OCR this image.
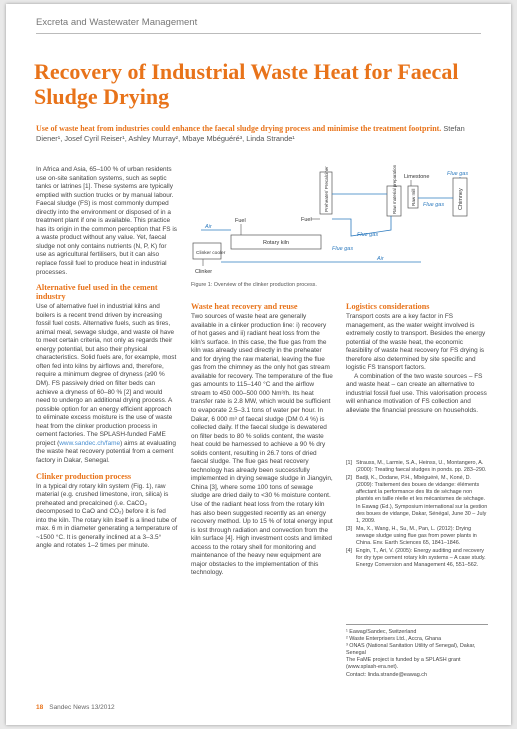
Excreta and Wastewater Management
Recovery of Industrial Waste Heat for Faecal Sludge Drying
Use of waste heat from industries could enhance the faecal sludge drying process and minimise the treatment footprint. Stefan Diener¹, Josef Cyril Reiser¹, Ashley Murray², Mbaye Mbéguéré³, Linda Strande¹

In Africa and Asia, 65–100 % of urban residents use on-site sanitation systems, such as septic tanks or latrines [1]. These systems are typically emptied with suction trucks or by manual labour. Faecal sludge (FS) is most commonly dumped directly into the environment or disposed of in a treatment plant if one is available. This practice has its origin in the common perception that FS is a waste product without any value. Yet, faecal sludge not only contains nutrients (N, P, K) for use as agricultural fertilisers, but it can also replace fossil fuel to produce heat in industrial processes.

Alternative fuel used in the cement industry

Use of alternative fuel in industrial kilns and boilers is a recent trend driven by increasing fossil fuel costs. Alternative fuels, such as tires, animal meal, sewage sludge, and waste oil have to meet certain criteria, not only as regards their energy potential, but also their physical characteristics. Solid fuels are, for example, most often fed into kilns by airflows and, therefore, require a minimum degree of dryness (≥90 % DM). FS passively dried on filter beds can achieve a dryness of 60–80 % [2] and would need to undergo an additional drying process. A possible option for an energy efficient approach to eliminate excess moisture is the use of waste heat from the clinker production process in cement factories. The SPLASH-funded FaME project (www.sandec.ch/fame) aims at evaluating the waste heat recovery potential from a cement factory in Dakar, Senegal.

Clinker production process

In a typical dry rotary kiln system (Fig. 1), raw material (e.g. crushed limestone, iron, silica) is preheated and precalcined (i.e. CaCO₃ decomposed to CaO and CO₂) before it is fed into the kiln. The rotary kiln itself is a lined tube of max. 6 m in diameter generating a temperature of ~1500 °C. It is generally inclined at a 3–3.5° angle and rotates 1–2 times per minute.

Preheater/ Precalciner	Raw material preparation	Raw mill	Chimney
Limestone	Flue gas
Flue gas
Flue gas
Flue gas
Fuel	Fuel
Air
Air
Rotary kiln
Clinker cooler
Clinker
Figure 1: Overview of the clinker production process.
Waste heat recovery and reuse

Two sources of waste heat are generally available in a clinker production line: i) recovery of hot gases and ii) radiant heat loss from the kiln's surface. In this case, the flue gas from the kiln was already used directly in the preheater and for drying the raw material, leaving the flue gas from the chimney as the only hot gas stream available for recovery. The temperature of the flue gas amounts to 115–140 °C and the airflow stream to 450 000–500 000 Nm³/h. Its heat transfer rate is 2.8 MW, which would be sufficient to evaporate 2.5–3.1 tons of water per hour. In Dakar, 6 000 m³ of faecal sludge (DM 0.4 %) is collected daily. If the faecal sludge is dewatered on filter beds to 80 % solids content, the waste heat could be harnessed to achieve a 90 % dry solids content, resulting in 26.7 tons of dried faecal sludge. The flue gas heat recovery technology has already been successfully implemented in drying sewage sludge in Jiangyin, China [3], where some 100 tons of sewage sludge are dried daily to <30 % moisture content. Use of the radiant heat loss from the rotary kiln has also been suggested recently as an energy recovery method. Up to 15 % of total energy input is lost through radiation and convection from the kiln surface [4]. High investment costs and limited access to the rotary shell for monitoring and maintenance of the heavy new equipment are major obstacles to the implementation of this technology.

Logistics considerations

Transport costs are a key factor in FS management, as the water weight involved is extremely costly to transport. Besides the energy potential of the waste heat, the economic feasibility of waste heat recovery for FS drying is therefore also determined by site specific and logistic FS transport factors.

A combination of the two waste sources – FS and waste heat – can create an alternative to industrial fossil fuel use. This valorisation process will enhance motivation of FS collection and alleviate the financial pressure on households.

[1] Strauss, M., Larmie, S.A., Heinss, U., Montangero, A. (2000): Treating faecal sludges in ponds. pp. 283–290.
[2] Badji, K., Dodane, P.H., Mbéguéré, M., Koné, D. (2009): Traitement des boues de vidange: éléments affectant la performance des lits de séchage non plantés en taille réelle et les mécanismes de séchage. In Eawag (Ed.), Symposium international sur la gestion des boues de vidange, Dakar, Sénégal, June 30 – July 1, 2009.
[3] Ma, X., Wang, H., Su, M., Pan, L. (2012): Drying sewage sludge using flue gas from power plants in China. Env. Earth Sciences 65, 1841–1846.
[4] Engin, T., Ari, V. (2005): Energy auditing and recovery for dry type cement rotary kiln systems – A case study. Energy Conversion and Management 46, 551–562.
¹ Eawag/Sandec, Switzerland
² Waste Enterprisers Ltd., Accra, Ghana
³ ONAS (National Sanitation Utility of Senegal), Dakar, Senegal
The FaME project is funded by a SPLASH grant (www.splash-era.net).
Contact: linda.strande@eawag.ch
18 Sandec News 13/2012
